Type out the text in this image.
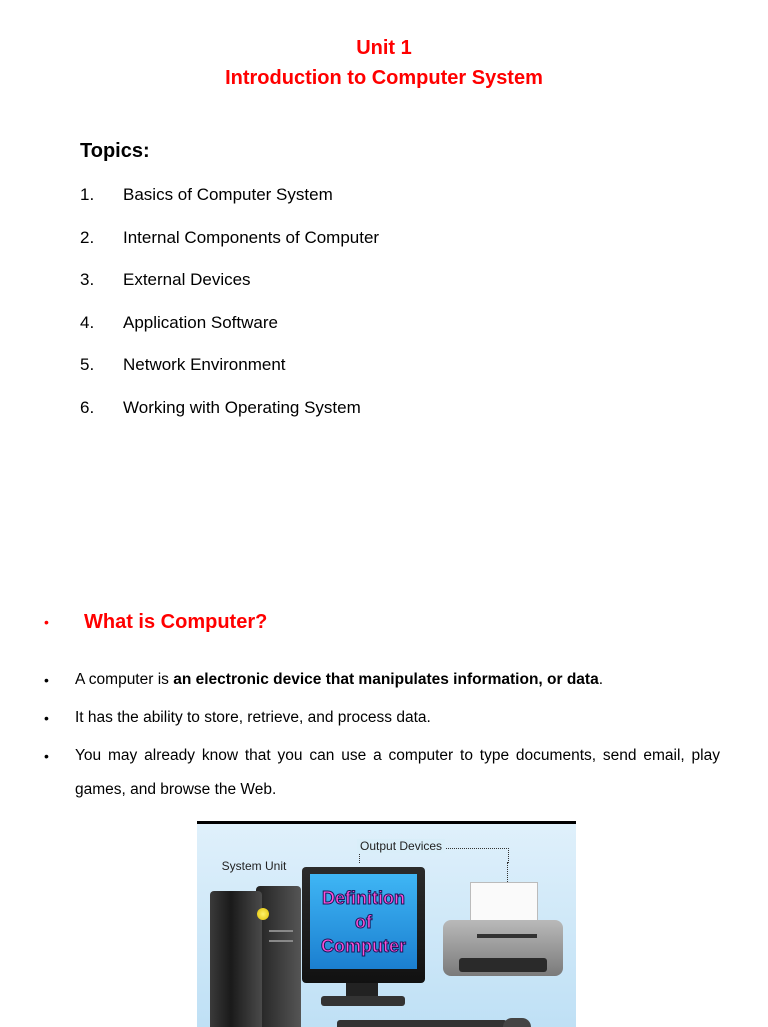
Unit 1
Introduction to Computer System
Topics:
1.	Basics of Computer System
2.	Internal Components of Computer
3.	External Devices
4.	Application Software
5.	Network Environment
6.	Working with Operating System
•	What is Computer?
•	A computer is an electronic device that manipulates information, or data.
•	It has the ability to store, retrieve, and process data.
•	You may already know that you can use a computer to type documents, send email, play games, and browse the Web.
Output Devices
System Unit
Definition
of
Computer
